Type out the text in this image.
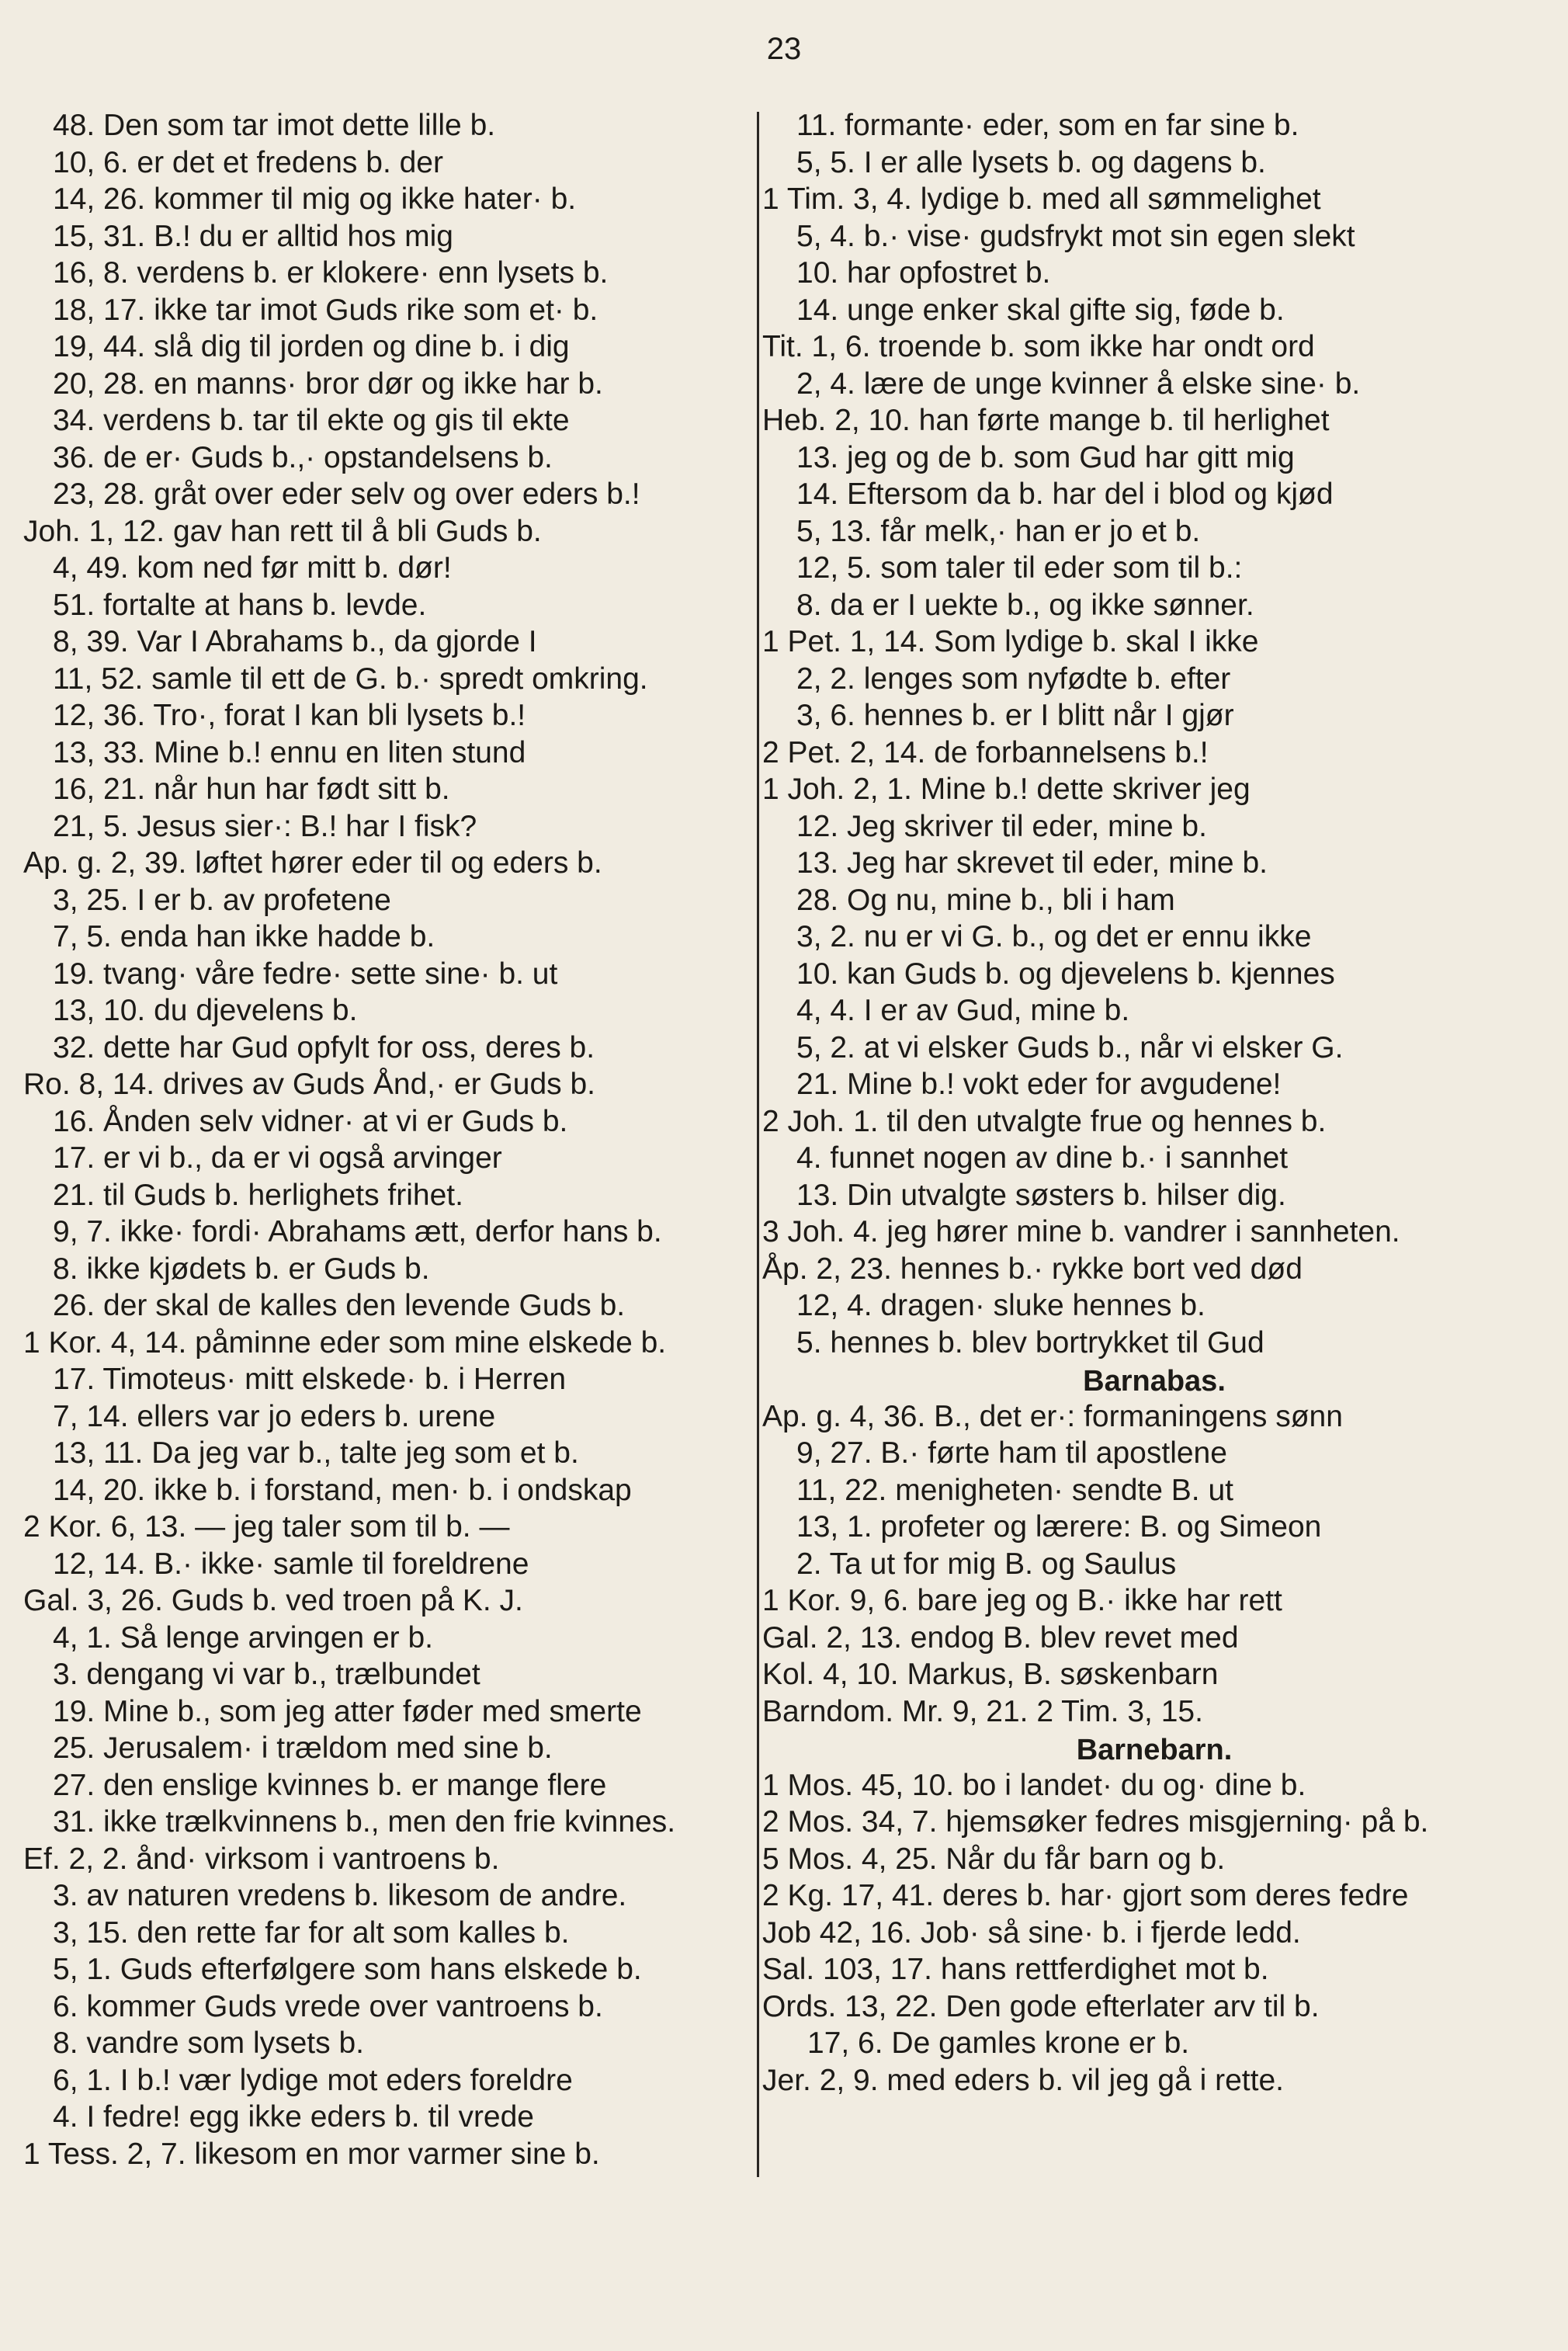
23
48. Den som tar imot dette lille b.
10, 6. er det et fredens b. der
14, 26. kommer til mig og ikke hater· b.
15, 31. B.! du er alltid hos mig
16, 8. verdens b. er klokere· enn lysets b.
18, 17. ikke tar imot Guds rike som et· b.
19, 44. slå dig til jorden og dine b. i dig
20, 28. en manns· bror dør og ikke har b.
34. verdens b. tar til ekte og gis til ekte
36. de er· Guds b.,· opstandelsens b.
23, 28. gråt over eder selv og over eders b.!
Joh. 1, 12. gav han rett til å bli Guds b.
4, 49. kom ned før mitt b. dør!
51. fortalte at hans b. levde.
8, 39. Var I Abrahams b., da gjorde I
11, 52. samle til ett de G. b.· spredt omkring.
12, 36. Tro·, forat I kan bli lysets b.!
13, 33. Mine b.! ennu en liten stund
16, 21. når hun har født sitt b.
21, 5. Jesus sier·: B.! har I fisk?
Ap. g. 2, 39. løftet hører eder til og eders b.
3, 25. I er b. av profetene
7, 5. enda han ikke hadde b.
19. tvang· våre fedre· sette sine· b. ut
13, 10. du djevelens b.
32. dette har Gud opfylt for oss, deres b.
Ro. 8, 14. drives av Guds Ånd,· er Guds b.
16. Ånden selv vidner· at vi er Guds b.
17. er vi b., da er vi også arvinger
21. til Guds b. herlighets frihet.
9, 7. ikke· fordi· Abrahams ætt, derfor hans b.
8. ikke kjødets b. er Guds b.
26. der skal de kalles den levende Guds b.
1 Kor. 4, 14. påminne eder som mine elskede b.
17. Timoteus· mitt elskede· b. i Herren
7, 14. ellers var jo eders b. urene
13, 11. Da jeg var b., talte jeg som et b.
14, 20. ikke b. i forstand, men· b. i ondskap
2 Kor. 6, 13. — jeg taler som til b. —
12, 14. B.· ikke· samle til foreldrene
Gal. 3, 26. Guds b. ved troen på K. J.
4, 1. Så lenge arvingen er b.
3. dengang vi var b., trælbundet
19. Mine b., som jeg atter føder med smerte
25. Jerusalem· i trældom med sine b.
27. den enslige kvinnes b. er mange flere
31. ikke trælkvinnens b., men den frie kvinnes.
Ef. 2, 2. ånd· virksom i vantroens b.
3. av naturen vredens b. likesom de andre.
3, 15. den rette far for alt som kalles b.
5, 1. Guds efterfølgere som hans elskede b.
6. kommer Guds vrede over vantroens b.
8. vandre som lysets b.
6, 1. I b.! vær lydige mot eders foreldre
4. I fedre! egg ikke eders b. til vrede
1 Tess. 2, 7. likesom en mor varmer sine b.
11. formante· eder, som en far sine b.
5, 5. I er alle lysets b. og dagens b.
1 Tim. 3, 4. lydige b. med all sømmelighet
5, 4. b.· vise· gudsfrykt mot sin egen slekt
10. har opfostret b.
14. unge enker skal gifte sig, føde b.
Tit. 1, 6. troende b. som ikke har ondt ord
2, 4. lære de unge kvinner å elske sine· b.
Heb. 2, 10. han førte mange b. til herlighet
13. jeg og de b. som Gud har gitt mig
14. Eftersom da b. har del i blod og kjød
5, 13. får melk,· han er jo et b.
12, 5. som taler til eder som til b.:
8. da er I uekte b., og ikke sønner.
1 Pet. 1, 14. Som lydige b. skal I ikke
2, 2. lenges som nyfødte b. efter
3, 6. hennes b. er I blitt når I gjør
2 Pet. 2, 14. de forbannelsens b.!
1 Joh. 2, 1. Mine b.! dette skriver jeg
12. Jeg skriver til eder, mine b.
13. Jeg har skrevet til eder, mine b.
28. Og nu, mine b., bli i ham
3, 2. nu er vi G. b., og det er ennu ikke
10. kan Guds b. og djevelens b. kjennes
4, 4. I er av Gud, mine b.
5, 2. at vi elsker Guds b., når vi elsker G.
21. Mine b.! vokt eder for avgudene!
2 Joh. 1. til den utvalgte frue og hennes b.
4. funnet nogen av dine b.· i sannhet
13. Din utvalgte søsters b. hilser dig.
3 Joh. 4. jeg hører mine b. vandrer i sannheten.
Åp. 2, 23. hennes b.· rykke bort ved død
12, 4. dragen· sluke hennes b.
5. hennes b. blev bortrykket til Gud
Barnabas.
Ap. g. 4, 36. B., det er·: formaningens sønn
9, 27. B.· førte ham til apostlene
11, 22. menigheten· sendte B. ut
13, 1. profeter og lærere: B. og Simeon
2. Ta ut for mig B. og Saulus
1 Kor. 9, 6. bare jeg og B.· ikke har rett
Gal. 2, 13. endog B. blev revet med
Kol. 4, 10. Markus, B. søskenbarn
Barndom. Mr. 9, 21. 2 Tim. 3, 15.
Barnebarn.
1 Mos. 45, 10. bo i landet· du og· dine b.
2 Mos. 34, 7. hjemsøker fedres misgjerning· på b.
5 Mos. 4, 25. Når du får barn og b.
2 Kg. 17, 41. deres b. har· gjort som deres fedre
Job 42, 16. Job· så sine· b. i fjerde ledd.
Sal. 103, 17. hans rettferdighet mot b.
Ords. 13, 22. Den gode efterlater arv til b.
17, 6. De gamles krone er b.
Jer. 2, 9. med eders b. vil jeg gå i rette.
